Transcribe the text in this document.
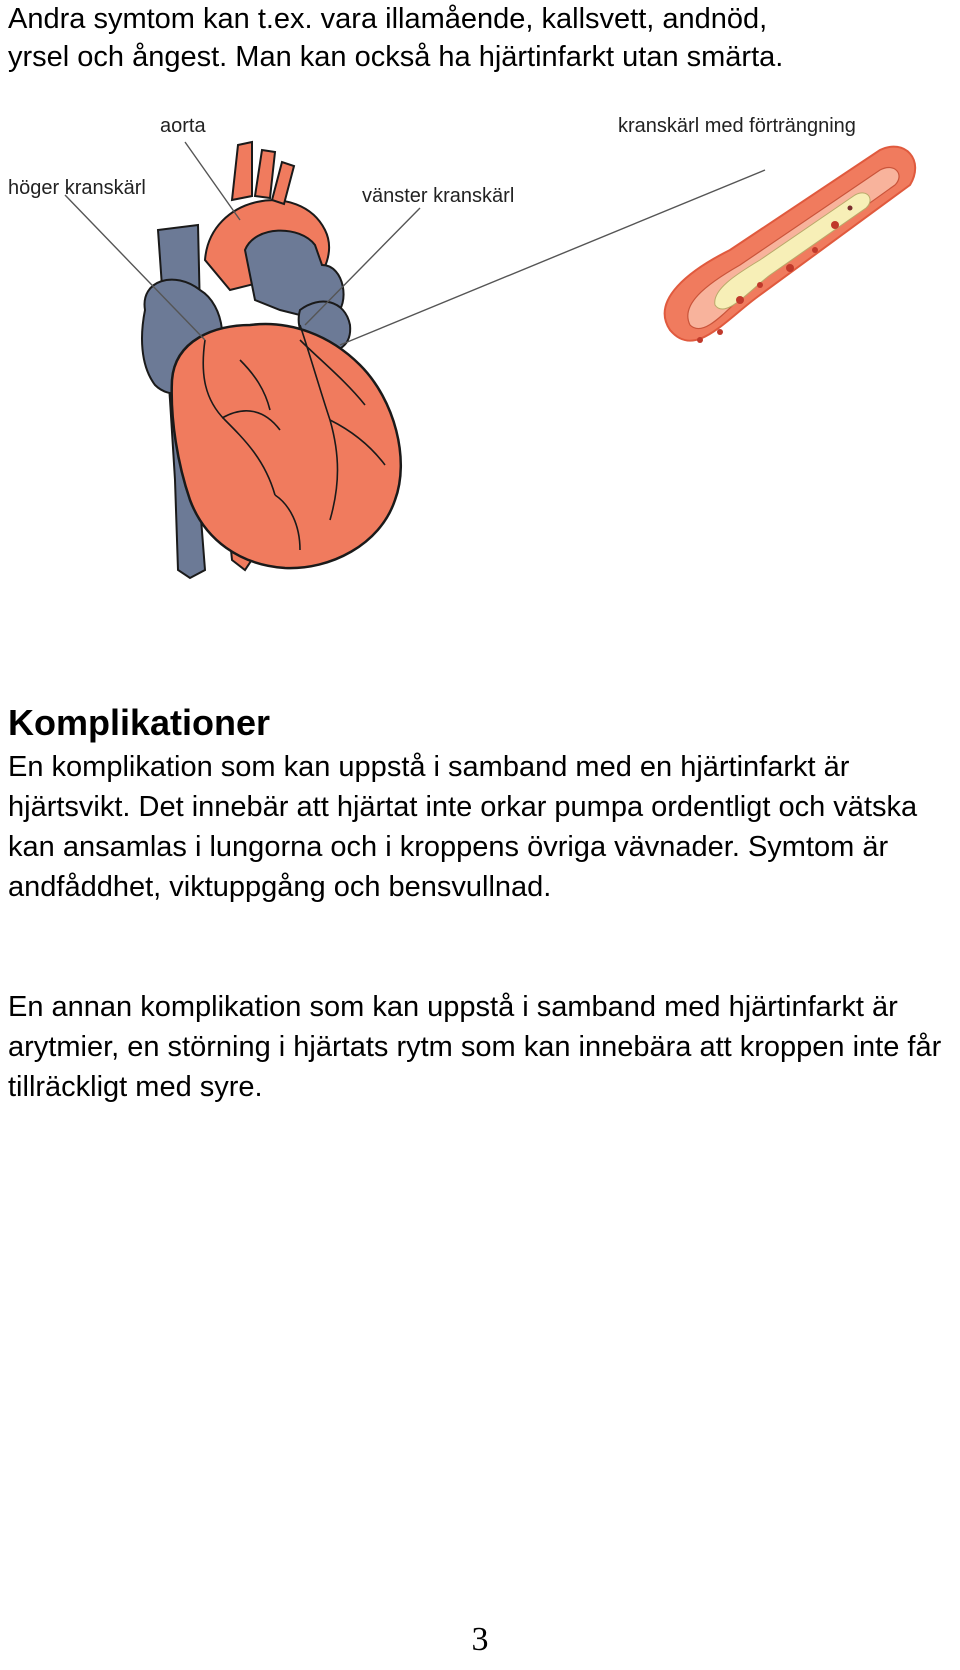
Andra symtom kan t.ex. vara illamående, kallsvett, andnöd,

yrsel och ångest. Man kan också ha hjärtinfarkt utan smärta.

aorta
höger kranskärl	vänster kranskärl
kranskärl med förträngning
Komplikationer

En komplikation som kan uppstå i samband med en hjärtinfarkt är hjärtsvikt. Det innebär att hjärtat inte orkar pumpa ordentligt och vätska kan ansamlas i lungorna och i kroppens övriga vävnader. Symtom är andfåddhet, viktuppgång och bensvullnad.

En annan komplikation som kan uppstå i samband med hjärtinfarkt är arytmier, en störning i hjärtats rytm som kan innebära att kroppen inte får tillräckligt med syre.

3
